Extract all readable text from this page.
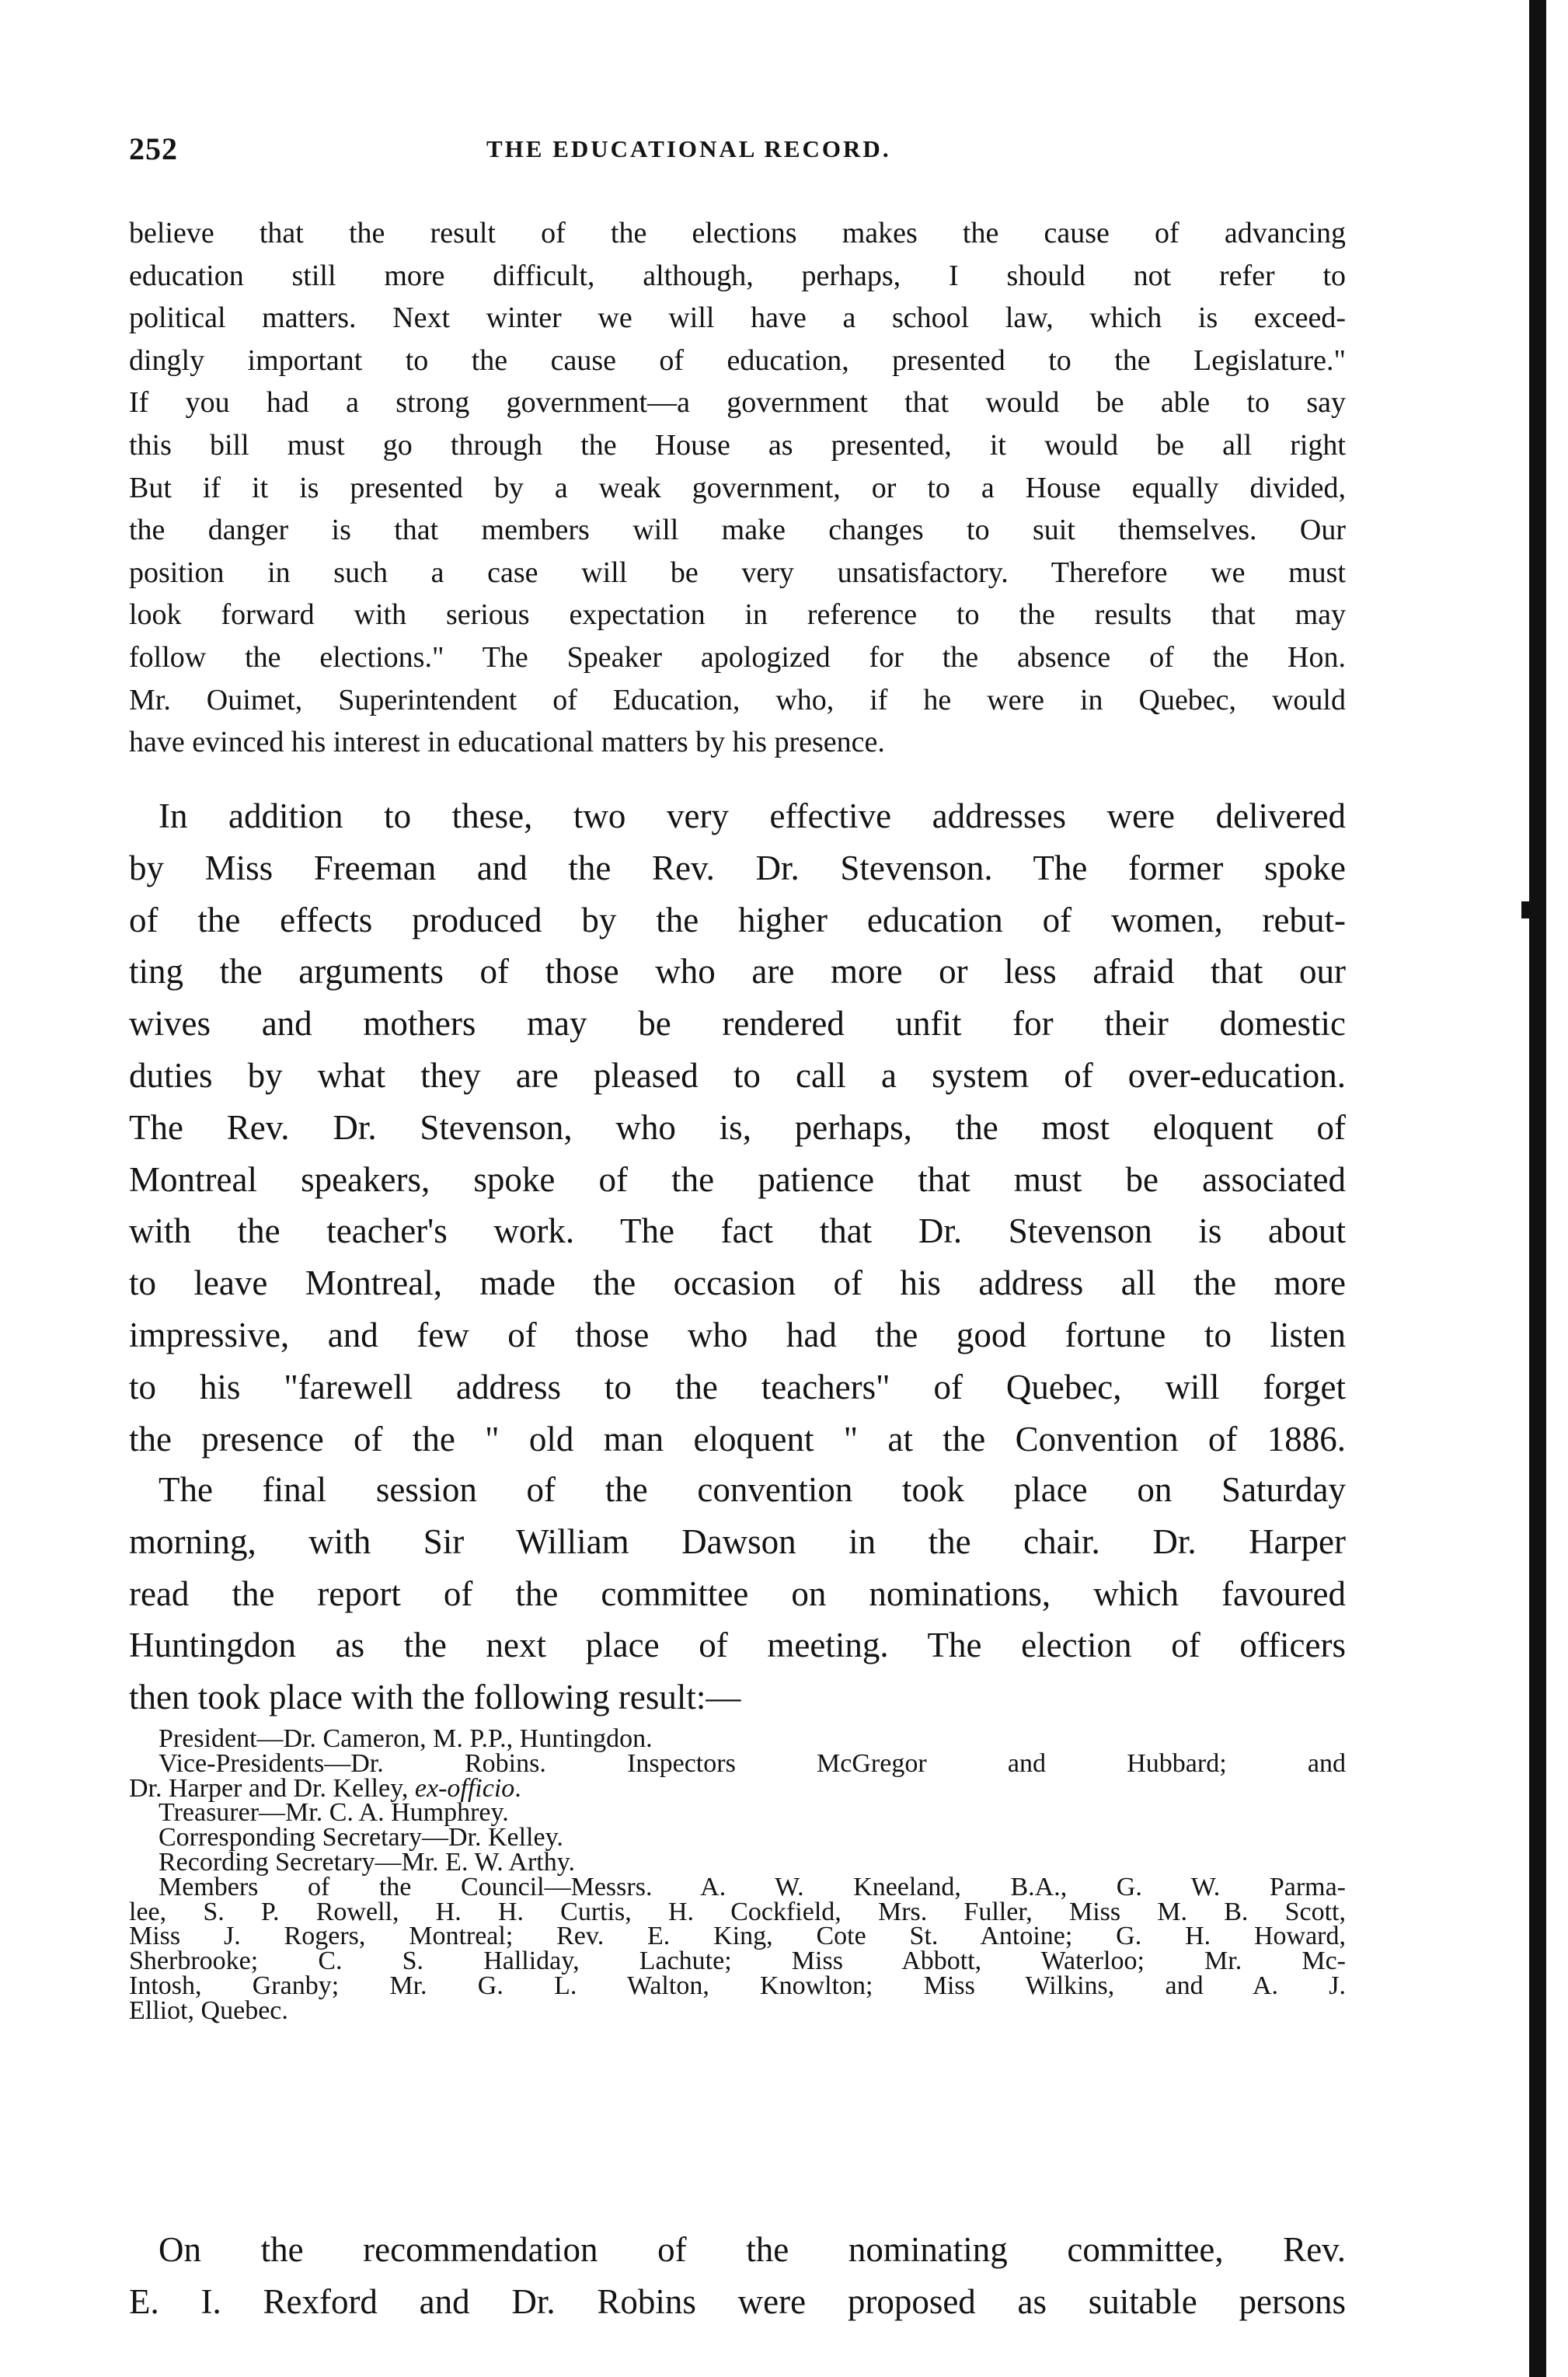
252	THE EDUCATIONAL RECORD.
believe that the result of the elections makes the cause of advancing
education still more difficult, although, perhaps, I should not refer to
political matters. Next winter we will have a school law, which is exceed-
dingly important to the cause of education, presented to the Legislature."
If you had a strong government—a government that would be able to say
this bill must go through the House as presented, it would be all right
But if it is presented by a weak government, or to a House equally divided,
the danger is that members will make changes to suit themselves. Our
position in such a case will be very unsatisfactory. Therefore we must
look forward with serious expectation in reference to the results that may
follow the elections." The Speaker apologized for the absence of the Hon.
Mr. Ouimet, Superintendent of Education, who, if he were in Quebec, would
have evinced his interest in educational matters by his presence.
In addition to these, two very effective addresses were delivered
by Miss Freeman and the Rev. Dr. Stevenson. The former spoke
of the effects produced by the higher education of women, rebut-
ting the arguments of those who are more or less afraid that our
wives and mothers may be rendered unfit for their domestic
duties by what they are pleased to call a system of over-education.
The Rev. Dr. Stevenson, who is, perhaps, the most eloquent of
Montreal speakers, spoke of the patience that must be associated
with the teacher's work. The fact that Dr. Stevenson is about
to leave Montreal, made the occasion of his address all the more
impressive, and few of those who had the good fortune to listen
to his "farewell address to the teachers" of Quebec, will forget
the presence of the " old man eloquent " at the Convention of 1886.
The final session of the convention took place on Saturday
morning, with Sir William Dawson in the chair. Dr. Harper
read the report of the committee on nominations, which favoured
Huntingdon as the next place of meeting. The election of officers
then took place with the following result:—
President—Dr. Cameron, M. P.P., Huntingdon.
Vice-Presidents—Dr. Robins. Inspectors McGregor and Hubbard; and
Dr. Harper and Dr. Kelley, ex-officio.
Treasurer—Mr. C. A. Humphrey.
Corresponding Secretary—Dr. Kelley.
Recording Secretary—Mr. E. W. Arthy.
Members of the Council—Messrs. A. W. Kneeland, B.A., G. W. Parma-
lee, S. P. Rowell, H. H. Curtis, H. Cockfield, Mrs. Fuller, Miss M. B. Scott,
Miss J. Rogers, Montreal; Rev. E. King, Cote St. Antoine; G. H. Howard,
Sherbrooke; C. S. Halliday, Lachute; Miss Abbott, Waterloo; Mr. Mc-
Intosh, Granby; Mr. G. L. Walton, Knowlton; Miss Wilkins, and A. J.
Elliot, Quebec.
On the recommendation of the nominating committee, Rev.
E. I. Rexford and Dr. Robins were proposed as suitable persons
